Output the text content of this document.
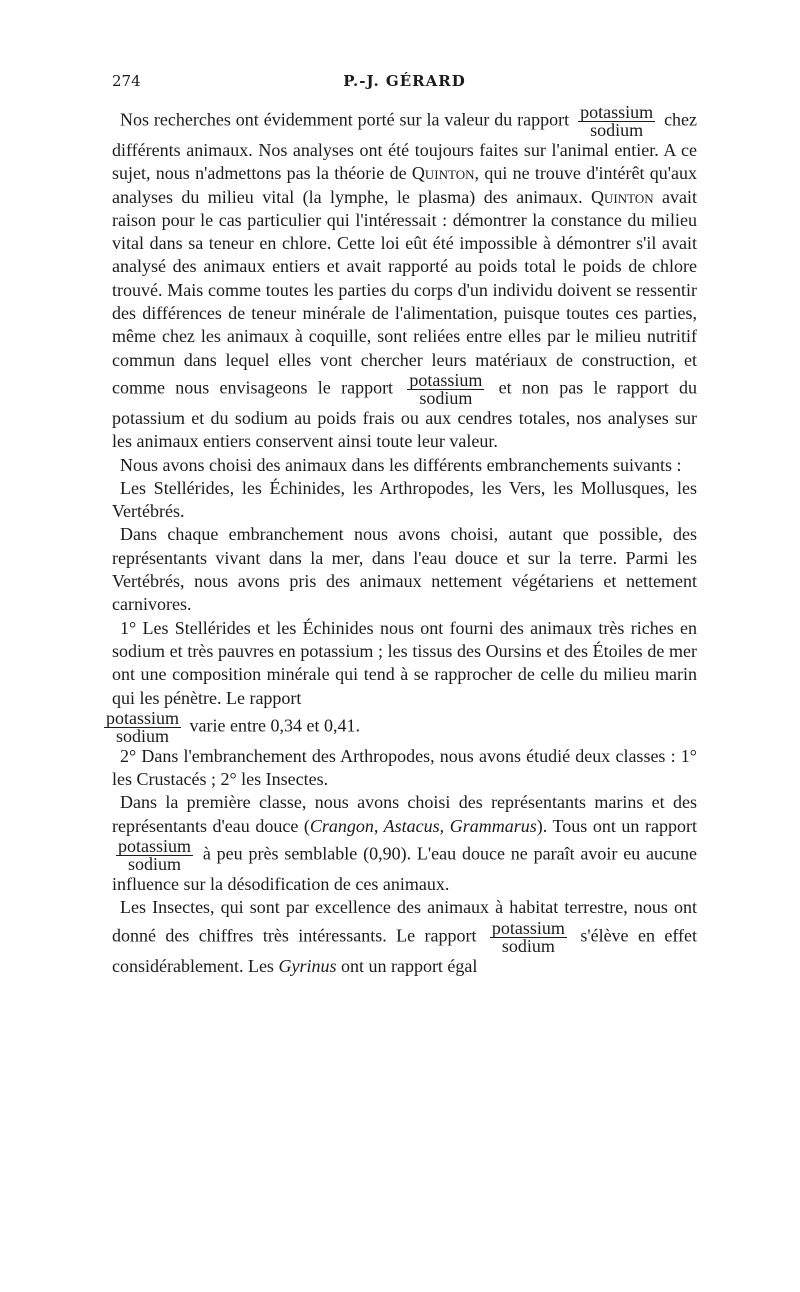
274	P.-J. GÉRARD

Nos recherches ont évidemment porté sur la valeur du rapport $\frac{\text{potassium}}{\text{sodium}}$ chez différents animaux. Nos analyses ont été toujours faites sur l'animal entier. A ce sujet, nous n'admettons pas la théorie de Quinton, qui ne trouve d'intérêt qu'aux analyses du milieu vital (la lymphe, le plasma) des animaux. Quinton avait raison pour le cas particulier qui l'intéressait : démontrer la constance du milieu vital dans sa teneur en chlore. Cette loi eût été impossible à démontrer s'il avait analysé des animaux entiers et avait rapporté au poids total le poids de chlore trouvé. Mais comme toutes les parties du corps d'un individu doivent se ressentir des différences de teneur minérale de l'alimentation, puisque toutes ces parties, même chez les animaux à coquille, sont reliées entre elles par le milieu nutritif commun dans lequel elles vont chercher leurs matériaux de construction, et comme nous envisageons le rapport $\frac{\text{potassium}}{\text{sodium}}$ et non pas le rapport du potassium et du sodium au poids frais ou aux cendres totales, nos analyses sur les animaux entiers conservent ainsi toute leur valeur.

Nous avons choisi des animaux dans les différents embranchements suivants :

Les Stellérides, les Échinides, les Arthropodes, les Vers, les Mollusques, les Vertébrés.

Dans chaque embranchement nous avons choisi, autant que possible, des représentants vivant dans la mer, dans l'eau douce et sur la terre. Parmi les Vertébrés, nous avons pris des animaux nettement végétariens et nettement carnivores.

1° Les Stellérides et les Échinides nous ont fourni des animaux très riches en sodium et très pauvres en potassium ; les tissus des Oursins et des Étoiles de mer ont une composition minérale qui tend à se rapprocher de celle du milieu marin qui les pénètre. Le rapport

$\frac{\text{potassium}}{\text{sodium}}$ varie entre 0,34 et 0,41.

2° Dans l'embranchement des Arthropodes, nous avons étudié deux classes : 1° les Crustacés ; 2° les Insectes.

Dans la première classe, nous avons choisi des représentants marins et des représentants d'eau douce (Crangon, Astacus, Grammarus). Tous ont un rapport
$\frac{\text{potassium}}{\text{sodium}}$ à peu près semblable (0,90). L'eau douce ne paraît avoir eu aucune influence sur la désodification de ces animaux.

Les Insectes, qui sont par excellence des animaux à habitat terrestre, nous ont donné des chiffres très intéressants. Le rapport $\frac{\text{potassium}}{\text{sodium}}$ s'élève en effet considérablement. Les Gyrinus ont un rapport égal
